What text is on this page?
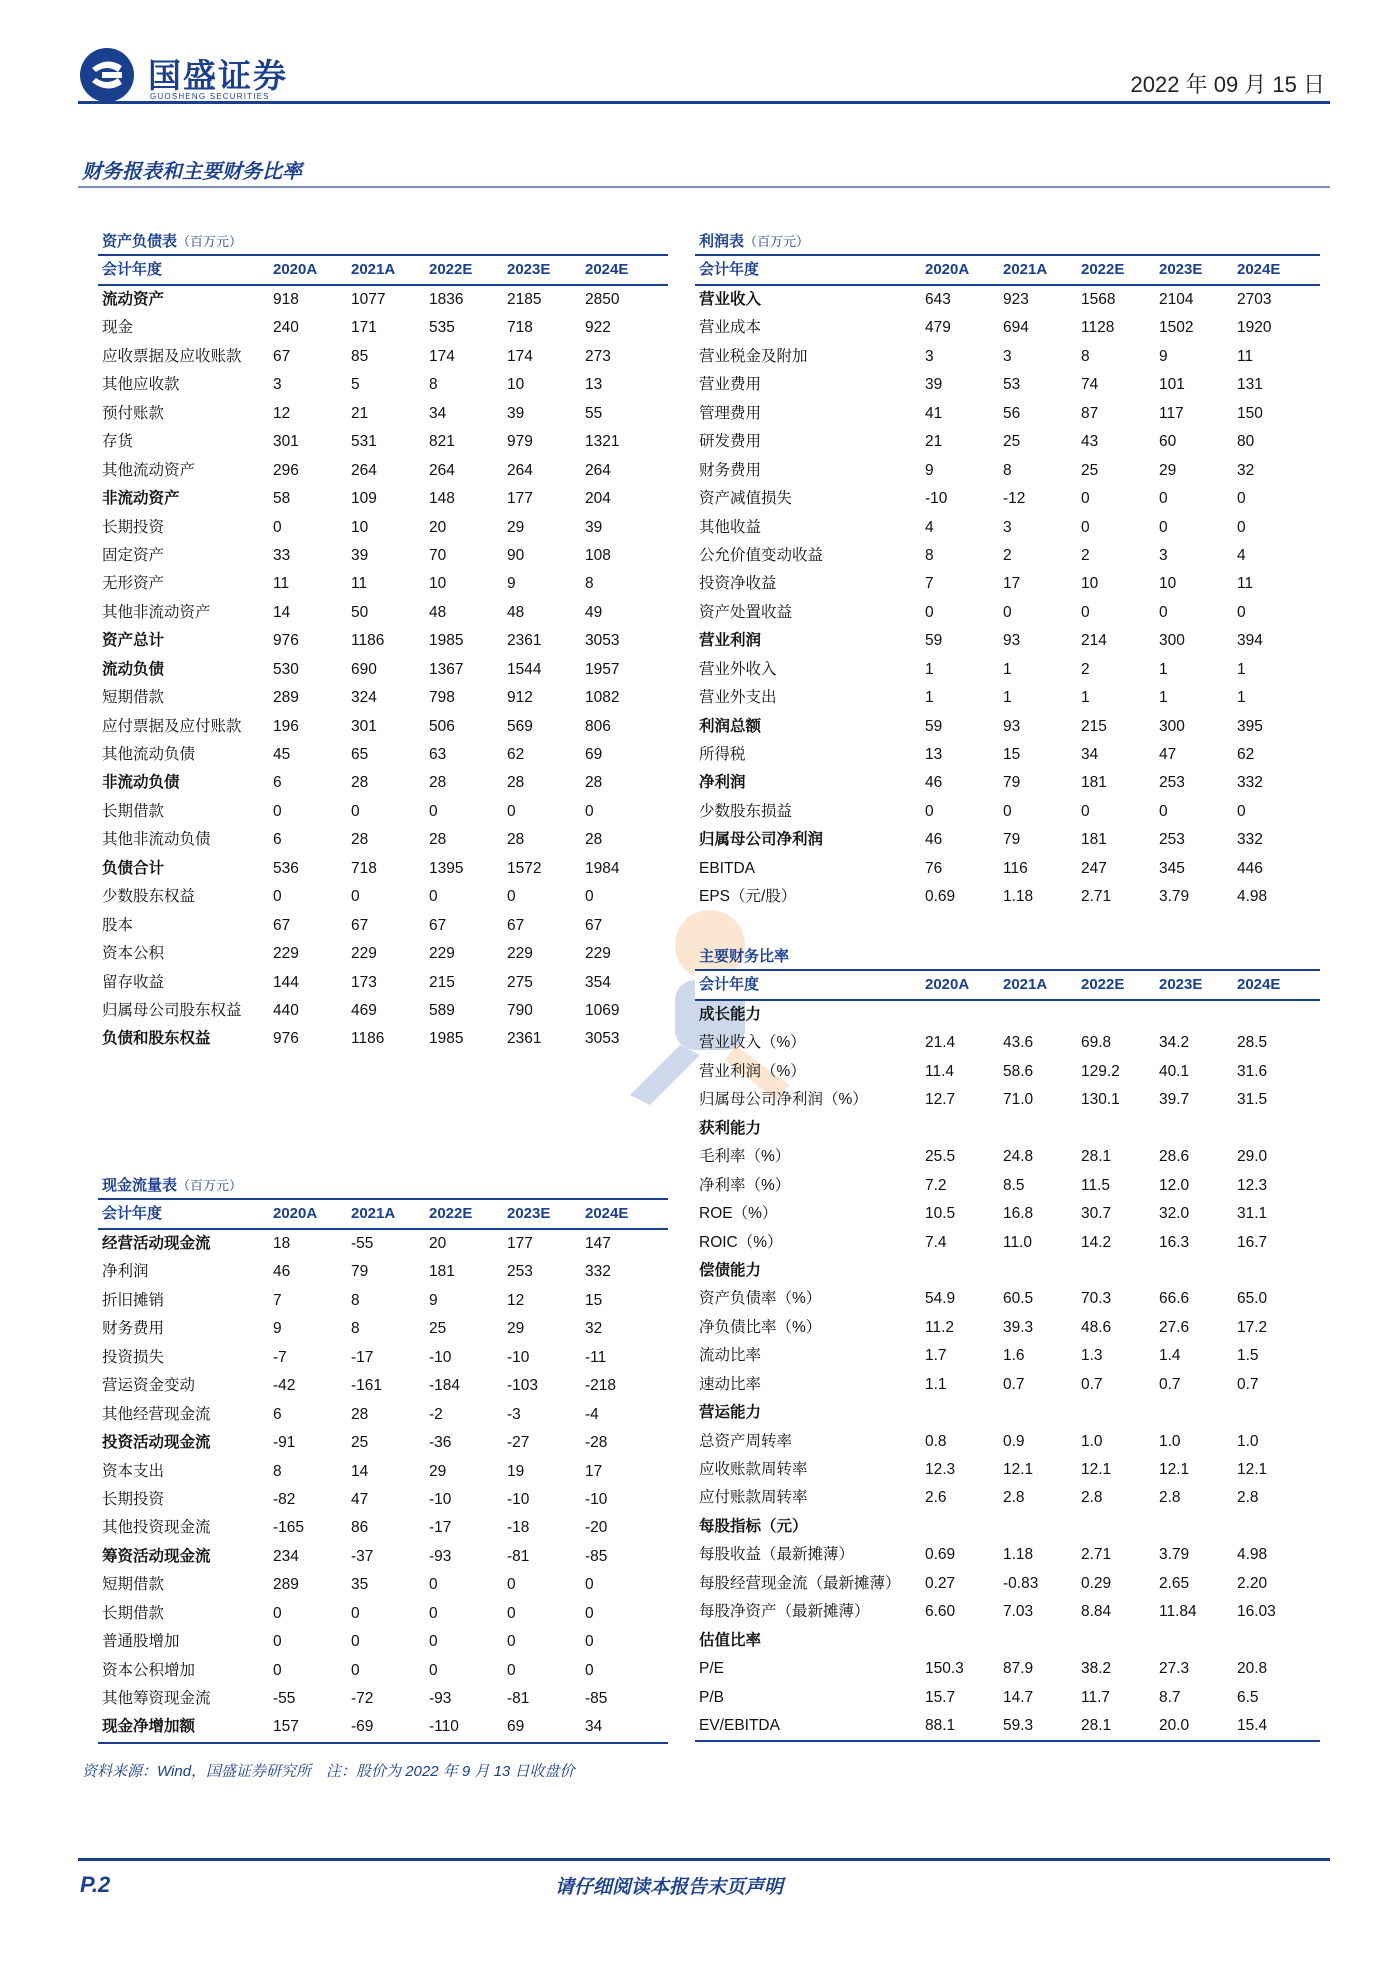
国盛证券
GUOSHENG SECURITIES	2022 年 09 月 15 日
财务报表和主要财务比率
资产负债表（百万元）
会计年度	2020A	2021A	2022E	2023E	2024E
流动资产	918	1077	1836	2185	2850
现金	240	171	535	718	922
应收票据及应收账款	67	85	174	174	273
其他应收款	3	5	8	10	13
预付账款	12	21	34	39	55
存货	301	531	821	979	1321
其他流动资产	296	264	264	264	264
非流动资产	58	109	148	177	204
长期投资	0	10	20	29	39
固定资产	33	39	70	90	108
无形资产	11	11	10	9	8
其他非流动资产	14	50	48	48	49
资产总计	976	1186	1985	2361	3053
流动负债	530	690	1367	1544	1957
短期借款	289	324	798	912	1082
应付票据及应付账款	196	301	506	569	806
其他流动负债	45	65	63	62	69
非流动负债	6	28	28	28	28
长期借款	0	0	0	0	0
其他非流动负债	6	28	28	28	28
负债合计	536	718	1395	1572	1984
少数股东权益	0	0	0	0	0
股本	67	67	67	67	67
资本公积	229	229	229	229	229
留存收益	144	173	215	275	354
归属母公司股东权益	440	469	589	790	1069
负债和股东权益	976	1186	1985	2361	3053
利润表（百万元）
会计年度	2020A	2021A	2022E	2023E	2024E
营业收入	643	923	1568	2104	2703
营业成本	479	694	1128	1502	1920
营业税金及附加	3	3	8	9	11
营业费用	39	53	74	101	131
管理费用	41	56	87	117	150
研发费用	21	25	43	60	80
财务费用	9	8	25	29	32
资产减值损失	-10	-12	0	0	0
其他收益	4	3	0	0	0
公允价值变动收益	8	2	2	3	4
投资净收益	7	17	10	10	11
资产处置收益	0	0	0	0	0
营业利润	59	93	214	300	394
营业外收入	1	1	2	1	1
营业外支出	1	1	1	1	1
利润总额	59	93	215	300	395
所得税	13	15	34	47	62
净利润	46	79	181	253	332
少数股东损益	0	0	0	0	0
归属母公司净利润	46	79	181	253	332
EBITDA	76	116	247	345	446
EPS（元/股）	0.69	1.18	2.71	3.79	4.98
主要财务比率
会计年度	2020A	2021A	2022E	2023E	2024E
成长能力
营业收入（%）	21.4	43.6	69.8	34.2	28.5
营业利润（%）	11.4	58.6	129.2	40.1	31.6
归属母公司净利润（%）	12.7	71.0	130.1	39.7	31.5
获利能力
毛利率（%）	25.5	24.8	28.1	28.6	29.0
净利率（%）	7.2	8.5	11.5	12.0	12.3
ROE（%）	10.5	16.8	30.7	32.0	31.1
ROIC（%）	7.4	11.0	14.2	16.3	16.7
偿债能力
资产负债率（%）	54.9	60.5	70.3	66.6	65.0
净负债比率（%）	11.2	39.3	48.6	27.6	17.2
流动比率	1.7	1.6	1.3	1.4	1.5
速动比率	1.1	0.7	0.7	0.7	0.7
营运能力
总资产周转率	0.8	0.9	1.0	1.0	1.0
应收账款周转率	12.3	12.1	12.1	12.1	12.1
应付账款周转率	2.6	2.8	2.8	2.8	2.8
每股指标（元）
每股收益（最新摊薄）	0.69	1.18	2.71	3.79	4.98
每股经营现金流（最新摊薄）	0.27	-0.83	0.29	2.65	2.20
每股净资产（最新摊薄）	6.60	7.03	8.84	11.84	16.03
估值比率
P/E	150.3	87.9	38.2	27.3	20.8
P/B	15.7	14.7	11.7	8.7	6.5
EV/EBITDA	88.1	59.3	28.1	20.0	15.4
现金流量表（百万元）
会计年度	2020A	2021A	2022E	2023E	2024E
经营活动现金流	18	-55	20	177	147
净利润	46	79	181	253	332
折旧摊销	7	8	9	12	15
财务费用	9	8	25	29	32
投资损失	-7	-17	-10	-10	-11
营运资金变动	-42	-161	-184	-103	-218
其他经营现金流	6	28	-2	-3	-4
投资活动现金流	-91	25	-36	-27	-28
资本支出	8	14	29	19	17
长期投资	-82	47	-10	-10	-10
其他投资现金流	-165	86	-17	-18	-20
筹资活动现金流	234	-37	-93	-81	-85
短期借款	289	35	0	0	0
长期借款	0	0	0	0	0
普通股增加	0	0	0	0	0
资本公积增加	0	0	0	0	0
其他筹资现金流	-55	-72	-93	-81	-85
现金净增加额	157	-69	-110	69	34
资料来源：Wind，国盛证券研究所　注：股价为 2022 年 9 月 13 日收盘价
P.2	请仔细阅读本报告末页声明
